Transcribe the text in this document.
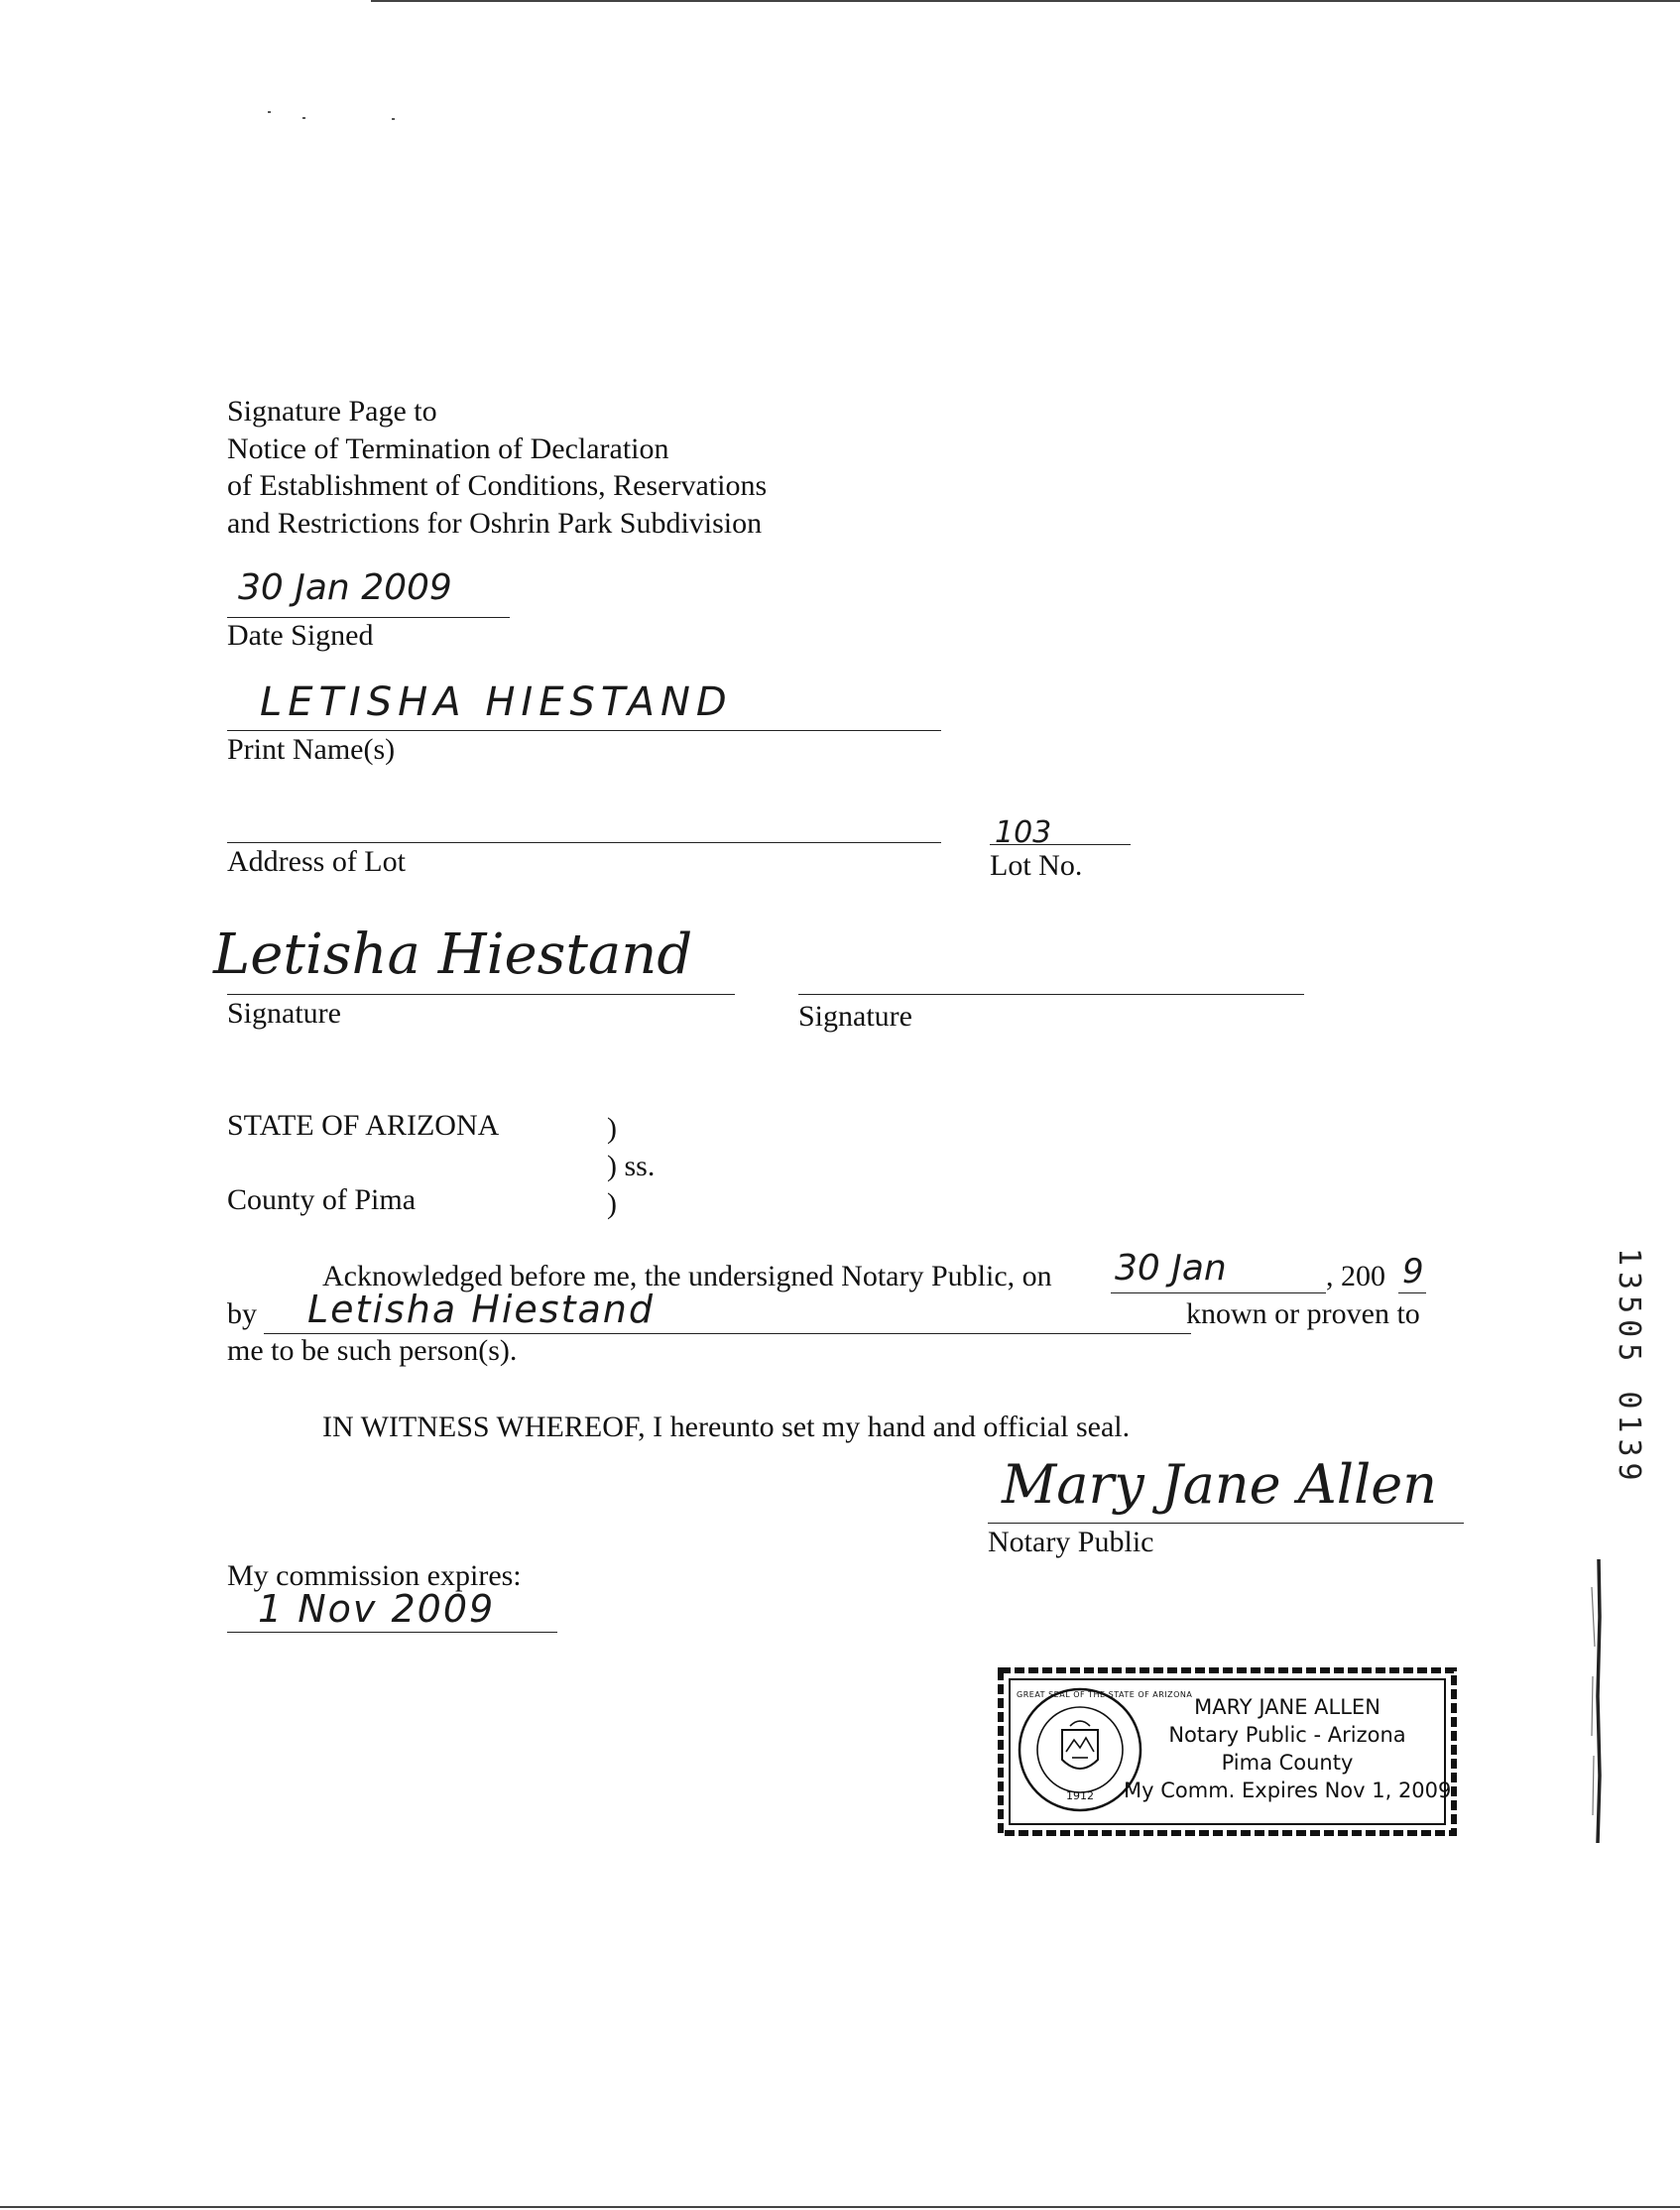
Signature Page to
Notice of Termination of Declaration
of Establishment of Conditions, Reservations
and Restrictions for Oshrin Park Subdivision
30 Jan 2009
Date Signed
LETISHA HIESTAND
Print Name(s)
Address of Lot
103
Lot No.
Letisha Hiestand
Signature	Signature
STATE OF ARIZONA	)
) ss.
County of Pima	)
Acknowledged before me, the undersigned Notary Public, on 30 Jan	, 200 9
by Letisha Hiestand	known or proven to
me to be such person(s).
IN WITNESS WHEREOF, I hereunto set my hand and official seal.
Mary Jane Allen
Notary Public
My commission expires:
1 Nov 2009
GREAT SEAL OF THE STATE OF ARIZONA
1912
MARY JANE ALLEN
Notary Public - Arizona
Pima County
My Comm. Expires Nov 1, 2009
13505 0139
